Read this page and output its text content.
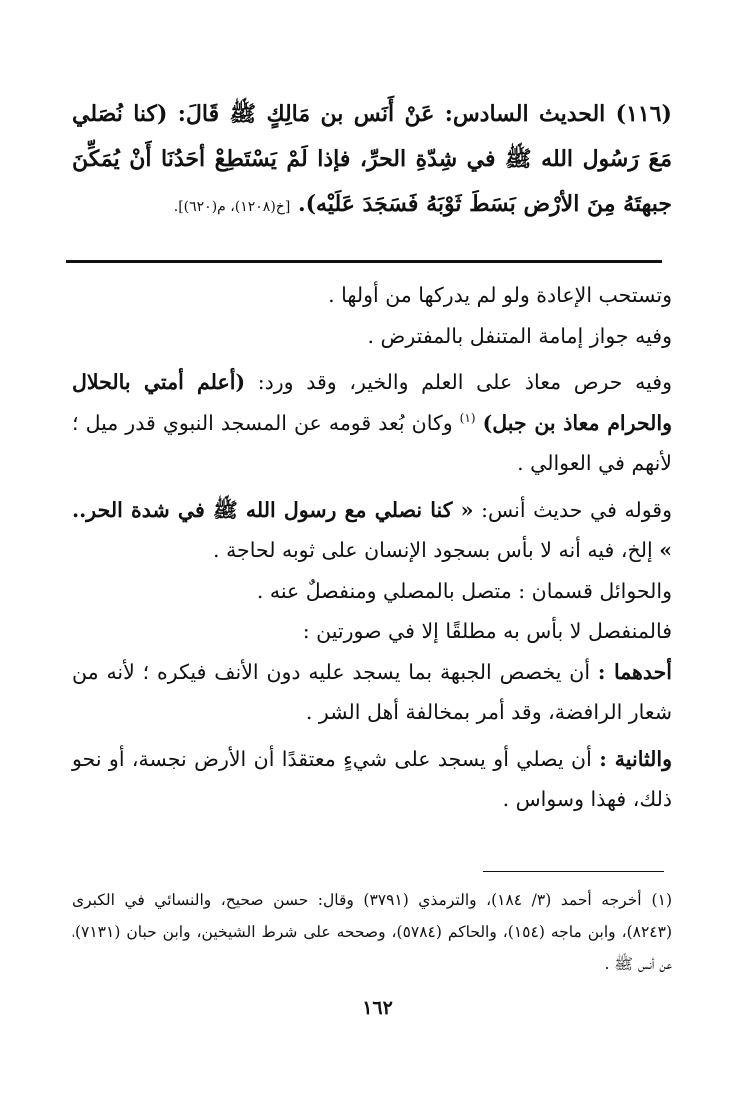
(١١٦) الحديث السادس: عَنْ أَنَس بن مَالِكٍ ﷺ قَالَ: (كنا نُصَلي مَعَ رَسُول الله ﷺ في شِدّةِ الحرِّ، فإذا لَمْ يَسْتَطِعْ أحَدُنَا أَنْ يُمَكِّنَ جبهتَهُ مِنَ الأرْض بَسَطَ ثَوْبَهُ فَسَجَدَ عَلَيْه). [خ(١٢٠٨)، م(٦٢٠)].

وتستحب الإعادة ولو لم يدركها من أولها .

وفيه جواز إمامة المتنفل بالمفترض .

وفيه حرص معاذ على العلم والخير، وقد ورد: (أعلم أمتي بالحلال والحرام معاذ بن جبل) $^{(١)}$ وكان بُعد قومه عن المسجد النبوي قدر ميل ؛ لأنهم في العوالي .

وقوله في حديث أنس: « كنا نصلي مع رسول الله ﷺ في شدة الحر.. » إلخ، فيه أنه لا بأس بسجود الإنسان على ثوبه لحاجة .

والحوائل قسمان : متصل بالمصلي ومنفصلٌ عنه .

فالمنفصل لا بأس به مطلقًا إلا في صورتين :

أحدهما : أن يخصص الجبهة بما يسجد عليه دون الأنف فيكره ؛ لأنه من شعار الرافضة، وقد أمر بمخالفة أهل الشر .

والثانية : أن يصلي أو يسجد على شيءٍ معتقدًا أن الأرض نجسة، أو نحو ذلك، فهذا وسواس .

(١)
أخرجه أحمد (٣/ ١٨٤)، والترمذي (٣٧٩١) وقال: حسن صحيح، والنسائي في الكبرى (٨٢٤٣)، وابن ماجه (١٥٤)، والحاكم (٥٧٨٤)، وصححه على شرط الشيخين، وابن حبان (٧١٣١)، عن أنس ﷺ .
١٦٢
